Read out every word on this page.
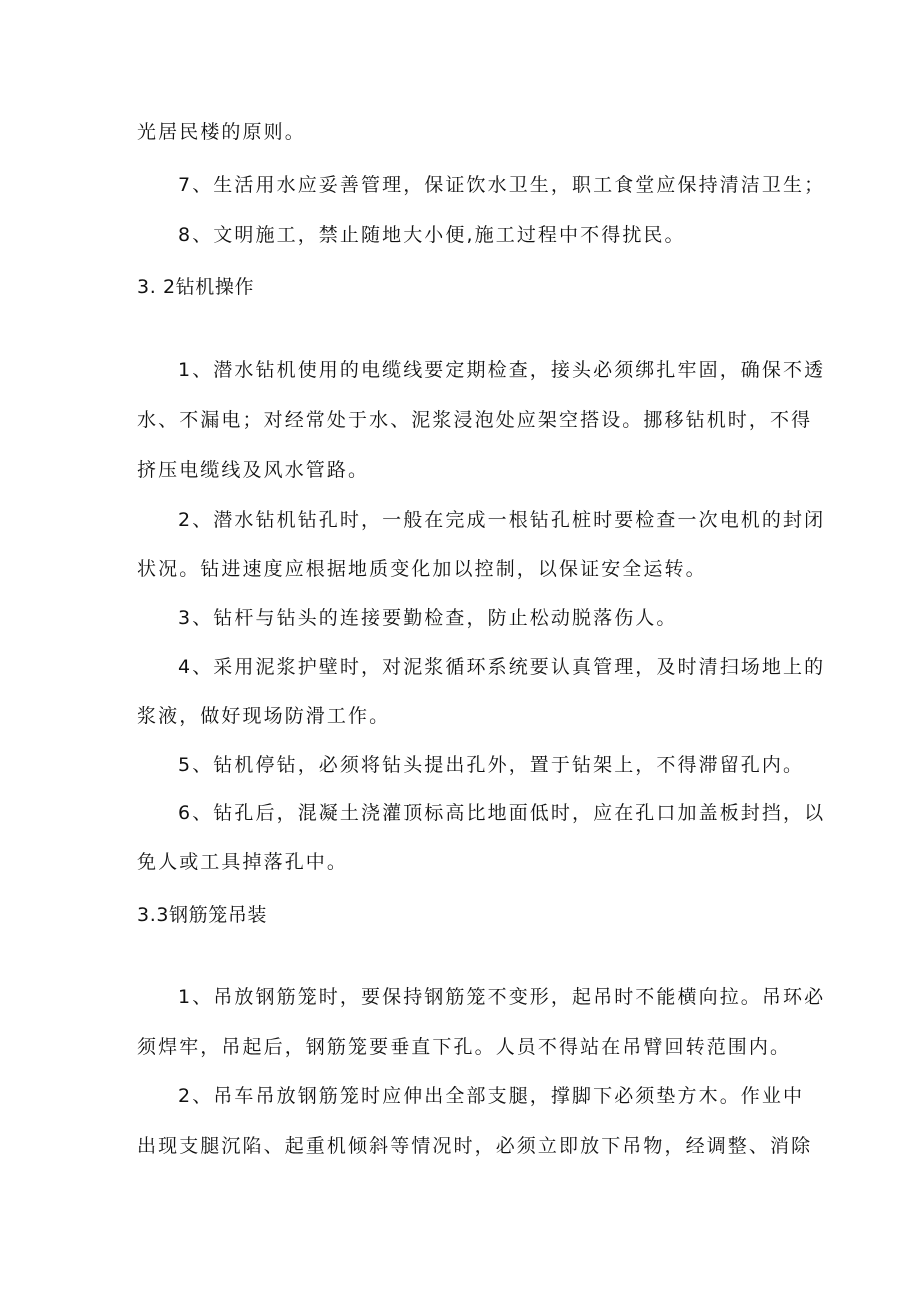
光居民楼的原则。

7、生活用水应妥善管理，保证饮水卫生，职工食堂应保持清洁卫生；

8、文明施工，禁止随地大小便,施工过程中不得扰民。

3. 2钻机操作

1、潜水钻机使用的电缆线要定期检查，接头必须绑扎牢固，确保不透

水、不漏电；对经常处于水、泥浆浸泡处应架空搭设。挪移钻机时，不得

挤压电缆线及风水管路。

2、潜水钻机钻孔时，一般在完成一根钻孔桩时要检查一次电机的封闭

状况。钻进速度应根据地质变化加以控制，以保证安全运转。

3、钻杆与钻头的连接要勤检查，防止松动脱落伤人。

4、采用泥浆护壁时，对泥浆循环系统要认真管理，及时清扫场地上的

浆液，做好现场防滑工作。

5、钻机停钻，必须将钻头提出孔外，置于钻架上，不得滞留孔内。

6、钻孔后，混凝土浇灌顶标高比地面低时，应在孔口加盖板封挡，以

免人或工具掉落孔中。

3.3钢筋笼吊装

1、吊放钢筋笼时，要保持钢筋笼不变形，起吊时不能横向拉。吊环必

须焊牢，吊起后，钢筋笼要垂直下孔。人员不得站在吊臂回转范围内。

2、吊车吊放钢筋笼时应伸出全部支腿，撑脚下必须垫方木。作业中

出现支腿沉陷、起重机倾斜等情况时，必须立即放下吊物，经调整、消除
